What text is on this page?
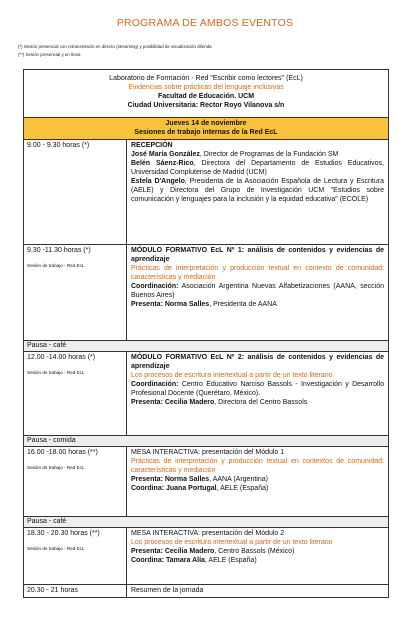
PROGRAMA DE AMBOS EVENTOS
(*) Sesión presencial con retransmisión en directo (streaming) y posibilidad de visualización diferida
(**) Sesión presencial y en línea
Laboratorio de Formación - Red "Escribir como lectores" (EcL)
Evidencias sobre prácticas del lenguaje inclusivas
Facultad de Educación. UCM
Ciudad Universitaria: Rector Royo Vilanova s/n
Jueves 14 de noviembre
Sesiones de trabajo internas de la Red EcL
9.00 - 9.30 horas (*)	RECEPCIÓN
José María González, Director de Programas de la Fundación SM
Belén Sáenz-Rico, Directora del Departamento de Estudios Educativos, Universidad Complutense de Madrid (UCM)
Estela D'Angelo, Presidenta de la Asociación Española de Lectura y Escritura (AELE) y Directora del Grupo de Investigación UCM "Estudios sobre comunicación y lenguajes para la inclusión y la equidad educativa" (ECOLE)
9.30 -11.30 horas (*)
Sesión de trabajo - Red EcL
MÓDULO FORMATIVO EcL Nº 1: análisis de contenidos y evidencias de aprendizaje
Prácticas de interpretación y producción textual en contexto de comunidad: características y mediación
Coordinación: Asociación Argentina Nuevas Alfabetizaciones (AANA, sección Buenos Aires)
Presenta: Norma Salles, Presidenta de AANA
Pausa - café
12.00 -14.00 horas (*)
Sesión de trabajo - Red EcL
MÓDULO FORMATIVO EcL Nº 2: análisis de contenidos y evidencias de aprendizaje
Los procesos de escritura intertextual a partir de un texto literario
Coordinación: Centro Educativo Narciso Bassols - Investigación y Desarrollo Profesional Docente (Querétaro, México).
Presenta: Cecilia Madero, Directora del Centro Bassols
Pausa - comida
16.00 -18.00 horas (**)
Sesión de trabajo - Red EcL
MESA INTERACTIVA: presentación del Módulo 1
Prácticas de interpretación y producción textual en contextos de comunidad: características y mediación
Presenta: Norma Salles, AANA (Argentina)
Coordina: Juana Portugal, AELE (España)
Pausa - café
18.30 - 20.30 horas (**)
Sesión de trabajo - Red EcL
MESA INTERACTIVA: presentación del Módulo 2
Los procesos de escritura intertextual a partir de un texto literario
Presenta: Cecilia Madero, Centro Bassols (México)
Coordina: Tamara Alía, AELE (España)
20.30 - 21 horas	Resumen de la jornada
